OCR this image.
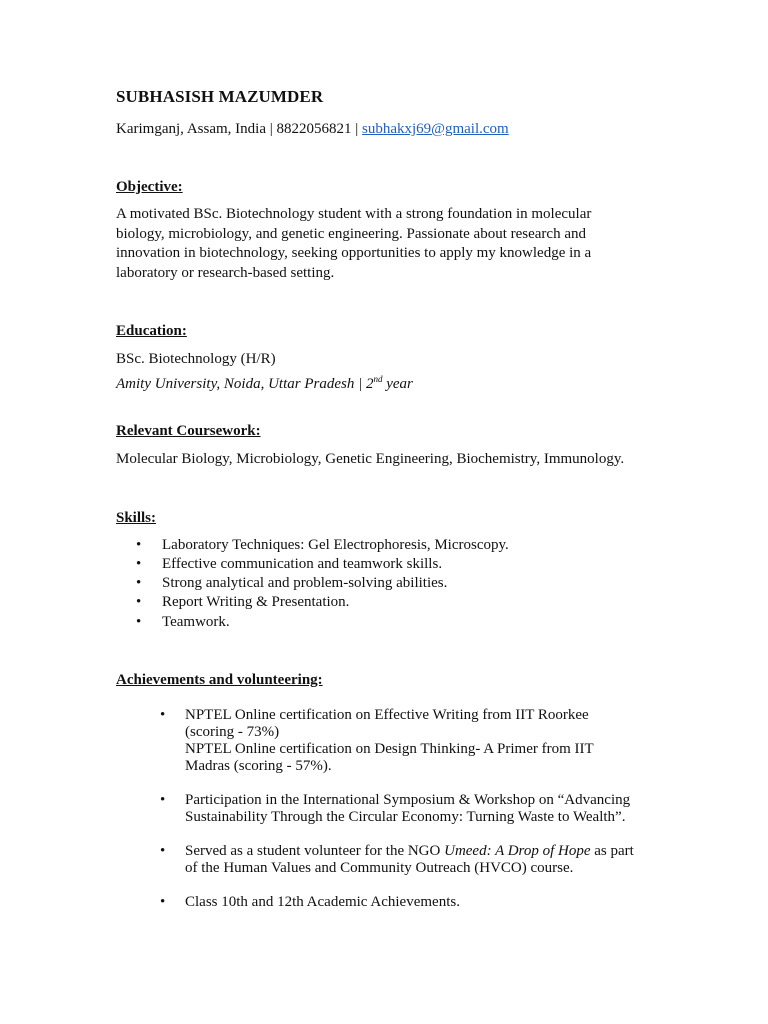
SUBHASISH MAZUMDER
Karimganj, Assam, India | 8822056821 | subhakxj69@gmail.com
Objective:
A motivated BSc. Biotechnology student with a strong foundation in molecular
biology, microbiology, and genetic engineering. Passionate about research and
innovation in biotechnology, seeking opportunities to apply my knowledge in a
laboratory or research-based setting.
Education:
BSc. Biotechnology (H/R)
Amity University, Noida, Uttar Pradesh | 2nd year
Relevant Coursework:
Molecular Biology, Microbiology, Genetic Engineering, Biochemistry, Immunology.
Skills:
• Laboratory Techniques: Gel Electrophoresis, Microscopy.
• Effective communication and teamwork skills.
• Strong analytical and problem-solving abilities.
• Report Writing & Presentation.
• Teamwork.
Achievements and volunteering:
• NPTEL Online certification on Effective Writing from IIT Roorkee
(scoring - 73%)
NPTEL Online certification on Design Thinking- A Primer from IIT
Madras (scoring - 57%).
• Participation in the International Symposium & Workshop on “Advancing
Sustainability Through the Circular Economy: Turning Waste to Wealth”.
• Served as a student volunteer for the NGO Umeed: A Drop of Hope as part
of the Human Values and Community Outreach (HVCO) course.
• Class 10th and 12th Academic Achievements.
